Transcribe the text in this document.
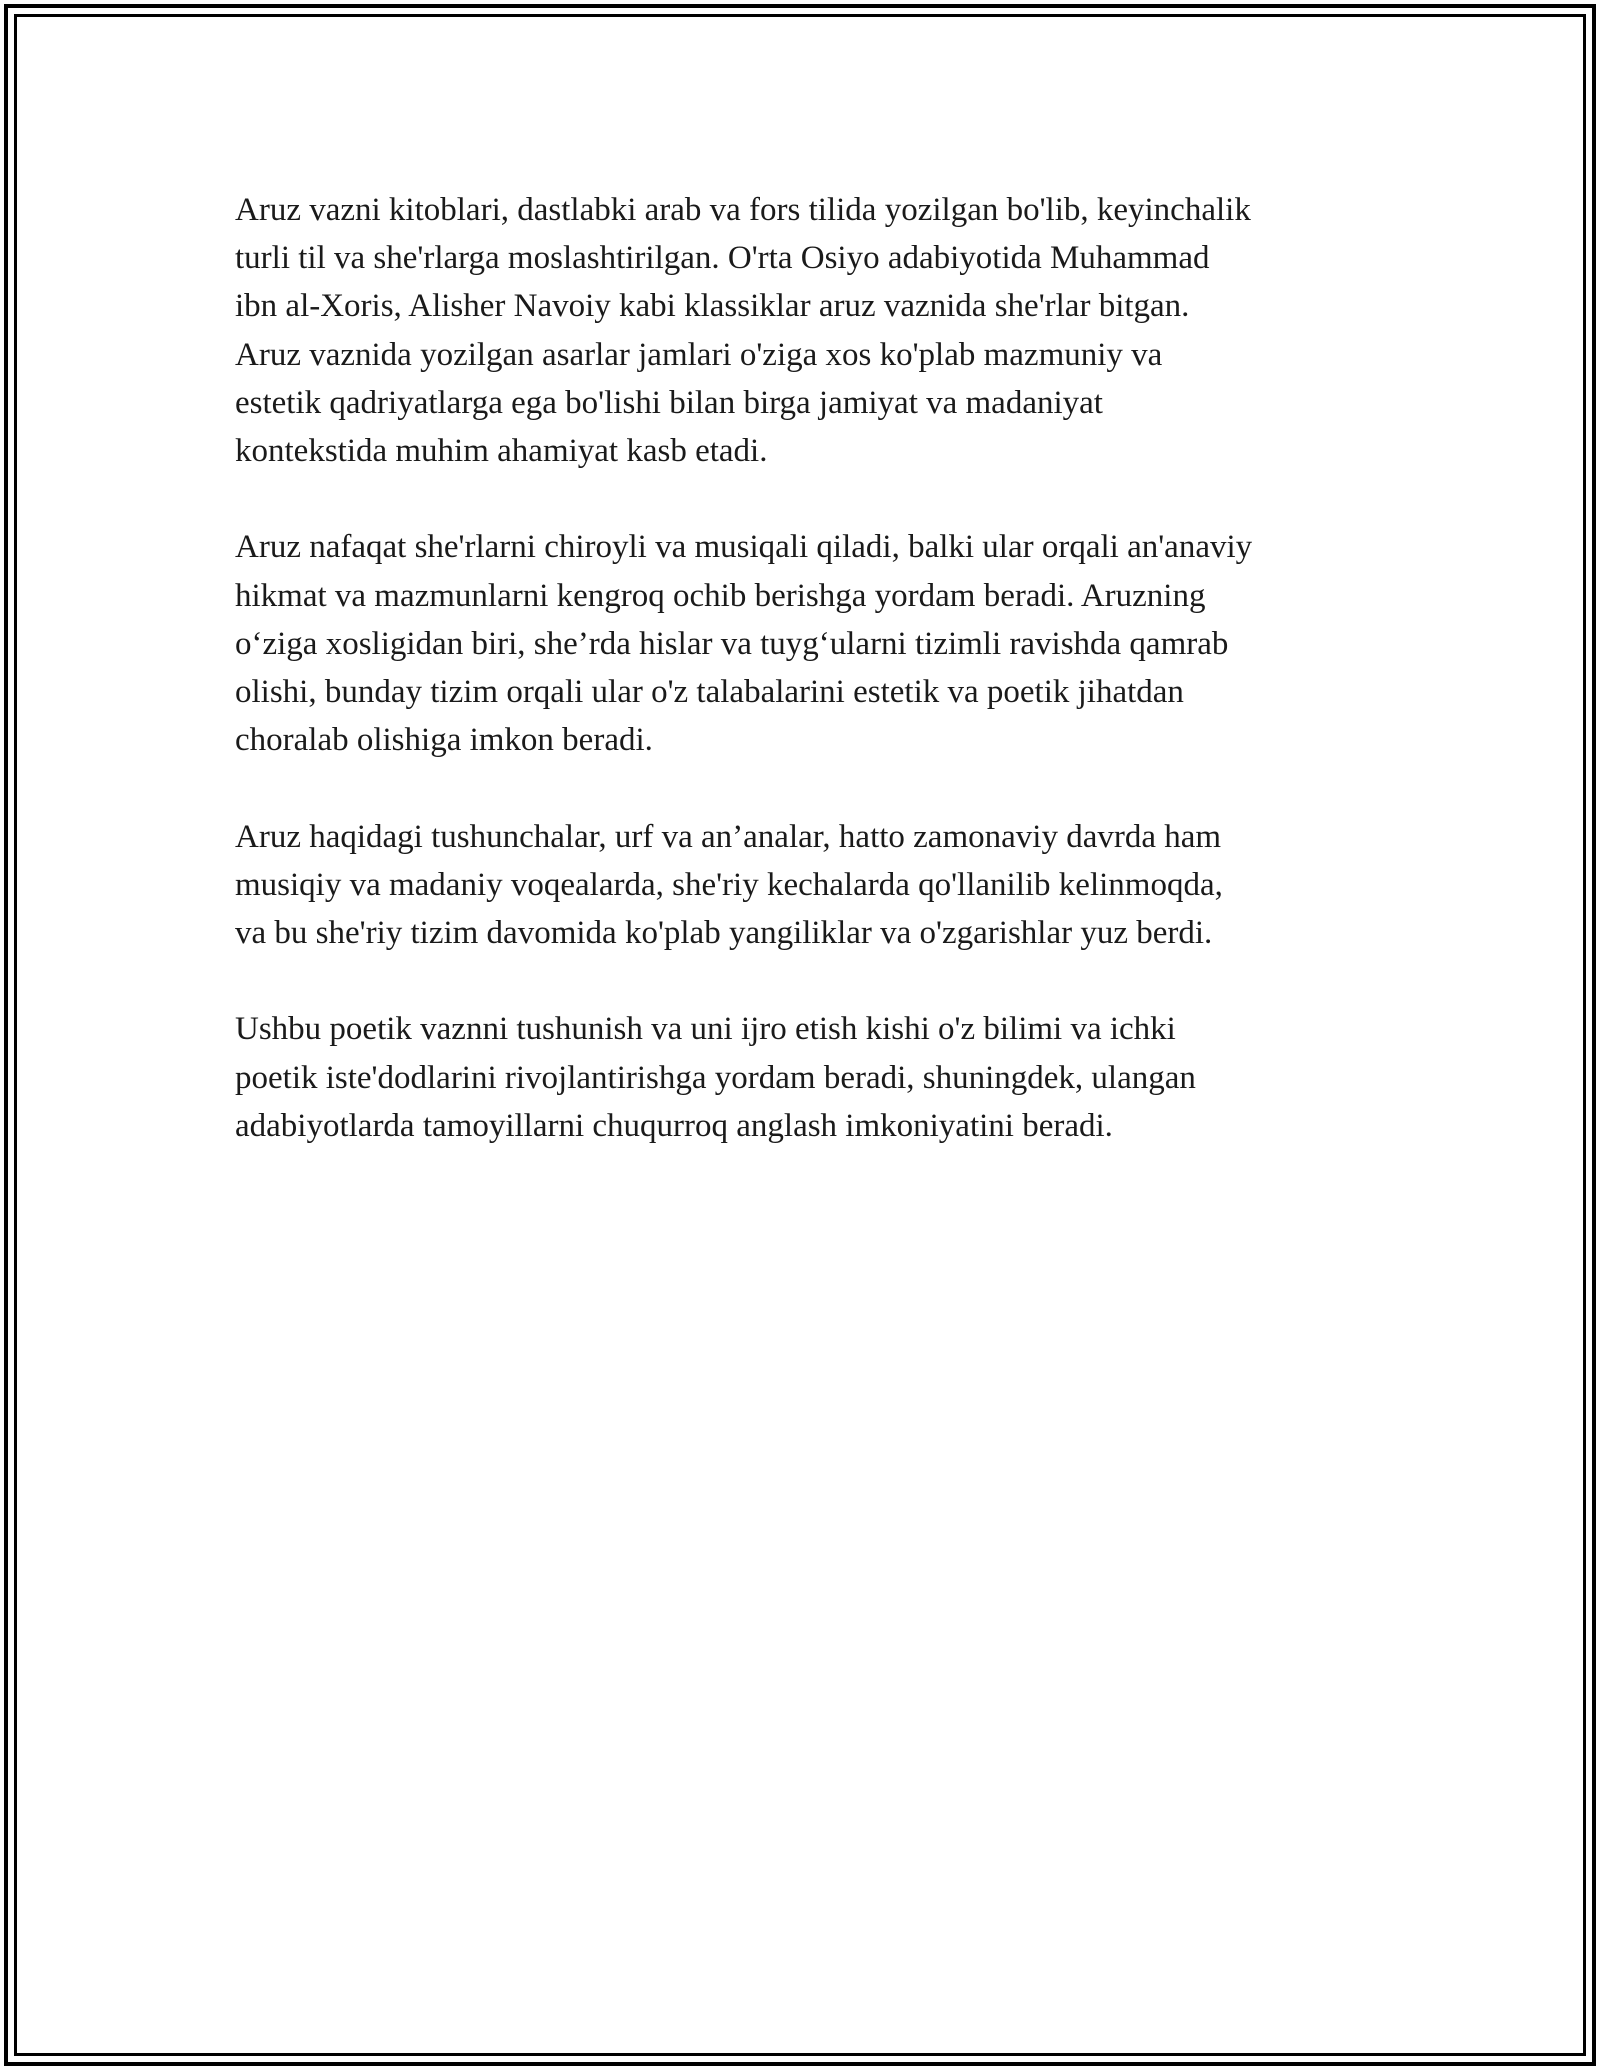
Aruz vazni kitoblari, dastlabki arab va fors tilida yozilgan bo'lib, keyinchalik
turli til va she'rlarga moslashtirilgan. O'rta Osiyo adabiyotida Muhammad
ibn al-Xoris, Alisher Navoiy kabi klassiklar aruz vaznida she'rlar bitgan.
Aruz vaznida yozilgan asarlar jamlari o'ziga xos ko'plab mazmuniy va
estetik qadriyatlarga ega bo'lishi bilan birga jamiyat va madaniyat
kontekstida muhim ahamiyat kasb etadi.

Aruz nafaqat she'rlarni chiroyli va musiqali qiladi, balki ular orqali an'anaviy
hikmat va mazmunlarni kengroq ochib berishga yordam beradi. Aruzning
o‘ziga xosligidan biri, she’rda hislar va tuyg‘ularni tizimli ravishda qamrab
olishi, bunday tizim orqali ular o'z talabalarini estetik va poetik jihatdan
choralab olishiga imkon beradi.

Aruz haqidagi tushunchalar, urf va an’analar, hatto zamonaviy davrda ham
musiqiy va madaniy voqealarda, she'riy kechalarda qo'llanilib kelinmoqda,
va bu she'riy tizim davomida ko'plab yangiliklar va o'zgarishlar yuz berdi.

Ushbu poetik vaznni tushunish va uni ijro etish kishi o'z bilimi va ichki
poetik iste'dodlarini rivojlantirishga yordam beradi, shuningdek, ulangan
adabiyotlarda tamoyillarni chuqurroq anglash imkoniyatini beradi.
